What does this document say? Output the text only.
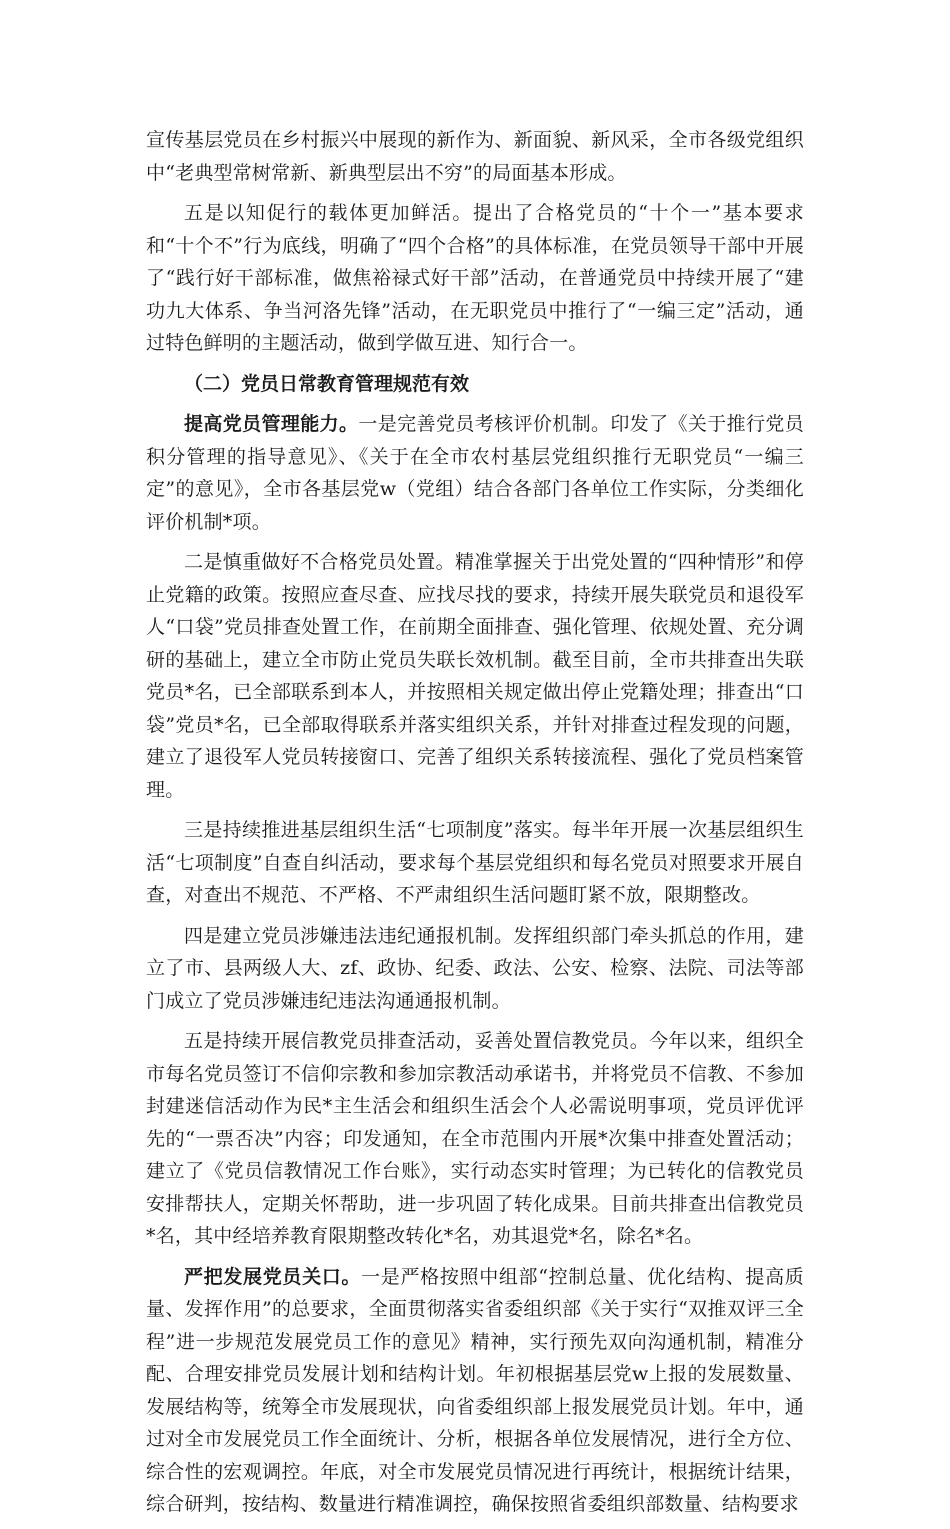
宣传基层党员在乡村振兴中展现的新作为、新面貌、新风采，全市各级党组织中“老典型常树常新、新典型层出不穷”的局面基本形成。

五是以知促行的载体更加鲜活。提出了合格党员的“十个一”基本要求和“十个不”行为底线，明确了“四个合格”的具体标准，在党员领导干部中开展了“践行好干部标准，做焦裕禄式好干部”活动，在普通党员中持续开展了“建功九大体系、争当河洛先锋”活动，在无职党员中推行了“一编三定”活动，通过特色鲜明的主题活动，做到学做互进、知行合一。

（二）党员日常教育管理规范有效

提高党员管理能力。一是完善党员考核评价机制。印发了《关于推行党员积分管理的指导意见》、《关于在全市农村基层党组织推行无职党员“一编三定”的意见》，全市各基层党w（党组）结合各部门各单位工作实际，分类细化评价机制*项。

二是慎重做好不合格党员处置。精准掌握关于出党处置的“四种情形”和停止党籍的政策。按照应查尽查、应找尽找的要求，持续开展失联党员和退役军人“口袋”党员排查处置工作，在前期全面排查、强化管理、依规处置、充分调研的基础上，建立全市防止党员失联长效机制。截至目前，全市共排查出失联党员*名，已全部联系到本人，并按照相关规定做出停止党籍处理；排查出“口袋”党员*名，已全部取得联系并落实组织关系，并针对排查过程发现的问题，建立了退役军人党员转接窗口、完善了组织关系转接流程、强化了党员档案管理。

三是持续推进基层组织生活“七项制度”落实。每半年开展一次基层组织生活“七项制度”自查自纠活动，要求每个基层党组织和每名党员对照要求开展自查，对查出不规范、不严格、不严肃组织生活问题盯紧不放，限期整改。

四是建立党员涉嫌违法违纪通报机制。发挥组织部门牵头抓总的作用，建立了市、县两级人大、zf、政协、纪委、政法、公安、检察、法院、司法等部门成立了党员涉嫌违纪违法沟通通报机制。

五是持续开展信教党员排查活动，妥善处置信教党员。今年以来，组织全市每名党员签订不信仰宗教和参加宗教活动承诺书，并将党员不信教、不参加封建迷信活动作为民*主生活会和组织生活会个人必需说明事项，党员评优评先的“一票否决”内容；印发通知，在全市范围内开展*次集中排查处置活动；建立了《党员信教情况工作台账》，实行动态实时管理；为已转化的信教党员安排帮扶人，定期关怀帮助，进一步巩固了转化成果。目前共排查出信教党员*名，其中经培养教育限期整改转化*名，劝其退党*名，除名*名。

严把发展党员关口。一是严格按照中组部“控制总量、优化结构、提高质量、发挥作用”的总要求，全面贯彻落实省委组织部《关于实行“双推双评三全程”进一步规范发展党员工作的意见》精神，实行预先双向沟通机制，精准分配、合理安排党员发展计划和结构计划。年初根据基层党w上报的发展数量、发展结构等，统筹全市发展现状，向省委组织部上报发展党员计划。年中，通过对全市发展党员工作全面统计、分析，根据各单位发展情况，进行全方位、综合性的宏观调控。年底，对全市发展党员情况进行再统计，根据统计结果，综合研判，按结构、数量进行精准调控，确保按照省委组织部数量、结构要求
